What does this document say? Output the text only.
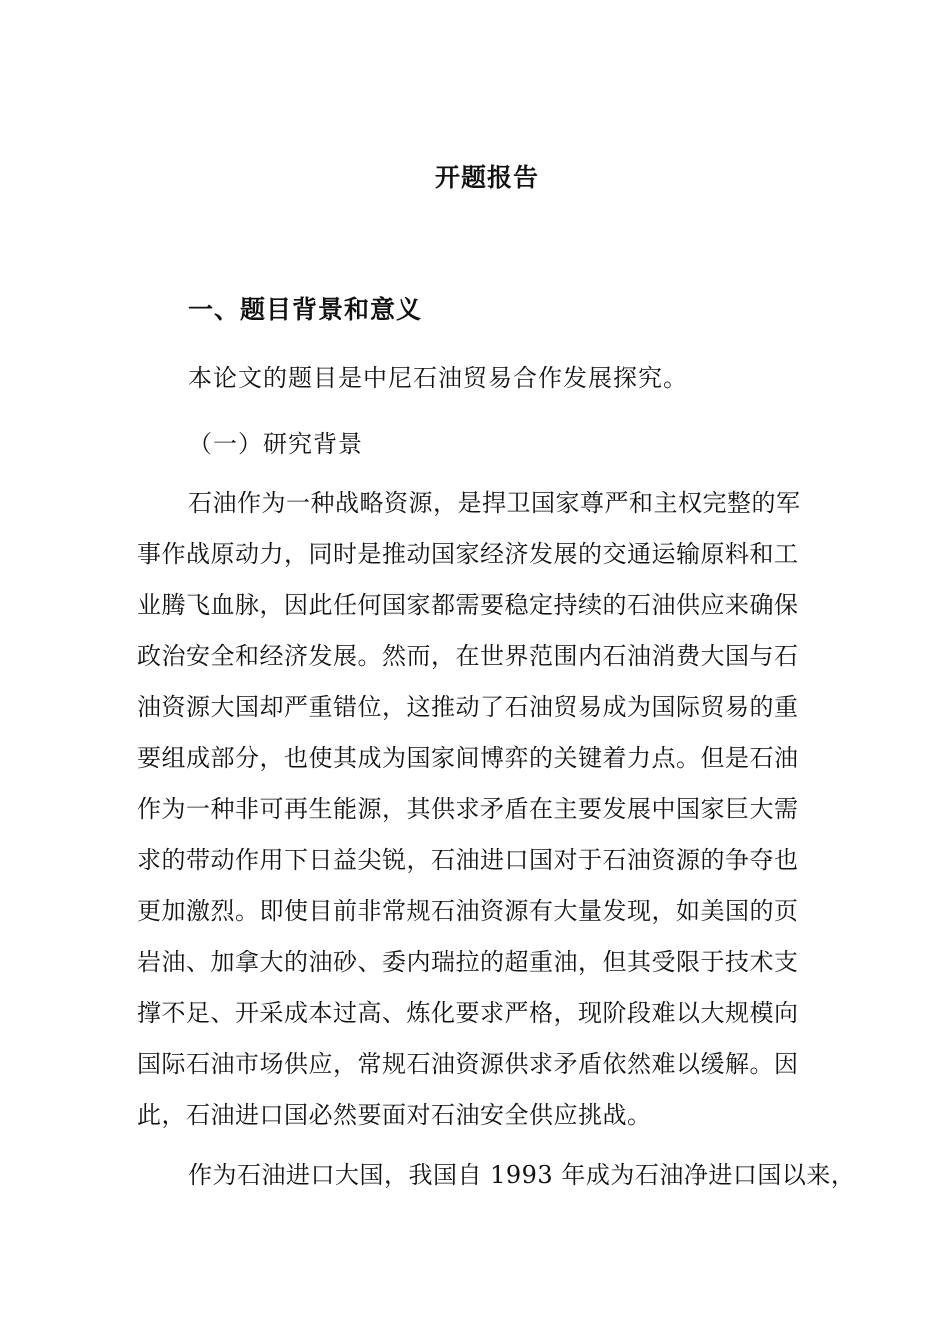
开题报告
一、题目背景和意义
本论文的题目是中尼石油贸易合作发展探究。
（一）研究背景
石油作为一种战略资源，是捍卫国家尊严和主权完整的军
事作战原动力，同时是推动国家经济发展的交通运输原料和工
业腾飞血脉，因此任何国家都需要稳定持续的石油供应来确保
政治安全和经济发展。然而，在世界范围内石油消费大国与石
油资源大国却严重错位，这推动了石油贸易成为国际贸易的重
要组成部分，也使其成为国家间博弈的关键着力点。但是石油
作为一种非可再生能源，其供求矛盾在主要发展中国家巨大需
求的带动作用下日益尖锐，石油进口国对于石油资源的争夺也
更加激烈。即使目前非常规石油资源有大量发现，如美国的页
岩油、加拿大的油砂、委内瑞拉的超重油，但其受限于技术支
撑不足、开采成本过高、炼化要求严格，现阶段难以大规模向
国际石油市场供应，常规石油资源供求矛盾依然难以缓解。因
此，石油进口国必然要面对石油安全供应挑战。
作为石油进口大国，我国自 1993 年成为石油净进口国以来，
